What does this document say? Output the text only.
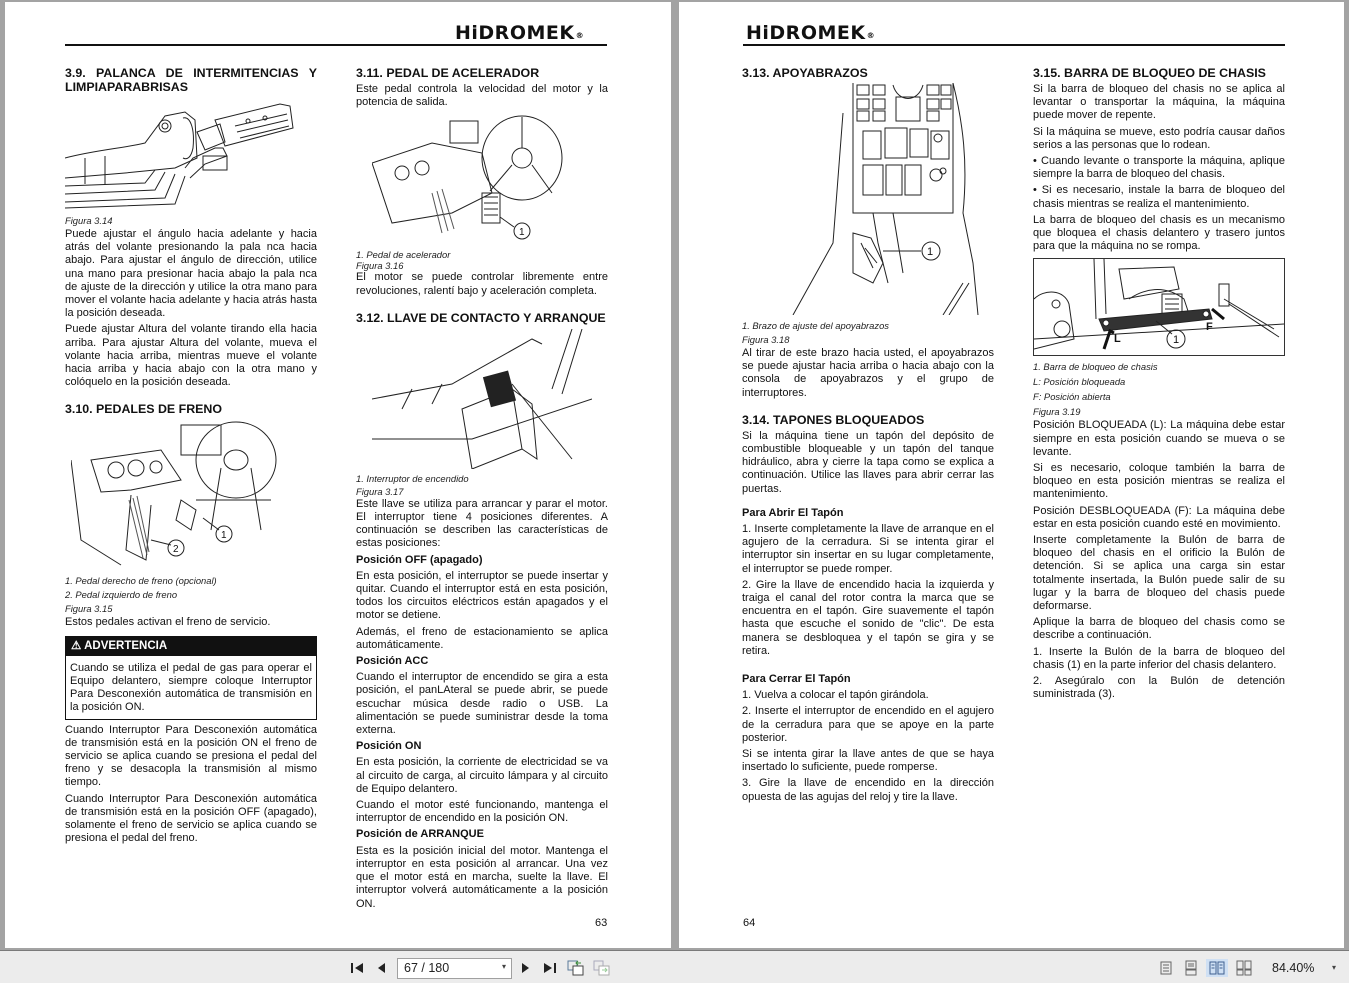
HiDROMEK®
3.9. PALANCA DE INTERMITENCIAS Y LIMPIAPARABRISAS
Figura 3.14

Puede ajustar el ángulo hacia adelante y hacia atrás del volante presionando la pala nca hacia abajo. Para ajustar el ángulo de dirección, utilice una mano para presionar hacia abajo la pala nca de ajuste de la dirección y utilice la otra mano para mover el volante hacia adelante y hacia atrás hasta la posición deseada.

Puede ajustar Altura del volante tirando ella hacia arriba. Para ajustar Altura del volante, mueva el volante hacia arriba, mientras mueve el volante hacia arriba y hacia abajo con la otra mano y colóquelo en la posición deseada.

3.10. PEDALES DE FRENO
1
2
1. Pedal derecho de freno (opcional)
2. Pedal izquierdo de freno
Figura 3.15

Estos pedales activan el freno de servicio.

⚠ ADVERTENCIA
Cuando se utiliza el pedal de gas para operar el Equipo delantero, siempre coloque Interruptor Para Desconexión automática de transmisión en la posición ON.

Cuando Interruptor Para Desconexión automática de transmisión está en la posición ON el freno de servicio se aplica cuando se presiona el pedal del freno y se desacopla la transmisión al mismo tiempo.

Cuando Interruptor Para Desconexión automática de transmisión está en la posición OFF (apagado), solamente el freno de servicio se aplica cuando se presiona el pedal del freno.

3.11. PEDAL DE ACELERADOR

Este pedal controla la velocidad del motor y la potencia de salida.

1
1. Pedal de acelerador
Figura 3.16

El motor se puede controlar libremente entre revoluciones, ralentí bajo y aceleración completa.

3.12. LLAVE DE CONTACTO Y ARRANQUE
1. Interruptor de encendido
Figura 3.17

Este llave se utiliza para arrancar y parar el motor. El interruptor tiene 4 posiciones diferentes. A continuación se describen las características de estas posiciones:

Posición OFF (apagado)

En esta posición, el interruptor se puede insertar y quitar. Cuando el interruptor está en esta posición, todos los circuitos eléctricos están apagados y el motor se detiene.

Además, el freno de estacionamiento se aplica automáticamente.

Posición ACC

Cuando el interruptor de encendido se gira a esta posición, el panLAteral se puede abrir, se puede escuchar música desde radio o USB. La alimentación se puede suministrar desde la toma externa.

Posición ON

En esta posición, la corriente de electricidad se va al circuito de carga, al circuito lámpara y al circuito de Equipo delantero.

Cuando el motor esté funcionando, mantenga el interruptor de encendido en la posición ON.

Posición de ARRANQUE

Esta es la posición inicial del motor. Mantenga el interruptor en esta posición al arrancar. Una vez que el motor está en marcha, suelte la llave. El interruptor volverá automáticamente a la posición ON.

63
HiDROMEK®
3.13. APOYABRAZOS
1
1. Brazo de ajuste del apoyabrazos
Figura 3.18

Al tirar de este brazo hacia usted, el apoyabrazos se puede ajustar hacia arriba o hacia abajo con la consola de apoyabrazos y el grupo de interruptores.

3.14. TAPONES BLOQUEADOS

Si la máquina tiene un tapón del depósito de combustible bloqueable y un tapón del tanque hidráulico, abra y cierre la tapa como se explica a continuación. Utilice las llaves para abrir cerrar las puertas.

Para Abrir El Tapón

1. Inserte completamente la llave de arranque en el agujero de la cerradura. Si se intenta girar el interruptor sin insertar en su lugar completamente, el interruptor se puede romper.

2. Gire la llave de encendido hacia la izquierda y traiga el canal del rotor contra la marca que se encuentra en el tapón. Gire suavemente el tapón hasta que escuche el sonido de "clic". De esta manera se desbloquea y el tapón se gira y se retira.

Para Cerrar El Tapón

1. Vuelva a colocar el tapón girándola.

2. Inserte el interruptor de encendido en el agujero de la cerradura para que se apoye en la parte posterior.

Si se intenta girar la llave antes de que se haya insertado lo suficiente, puede romperse.

3. Gire la llave de encendido en la dirección opuesta de las agujas del reloj y tire la llave.

3.15. BARRA DE BLOQUEO DE CHASIS

Si la barra de bloqueo del chasis no se aplica al levantar o transportar la máquina, la máquina puede mover de repente.

Si la máquina se mueve, esto podría causar daños serios a las personas que lo rodean.

• Cuando levante o transporte la máquina, aplique siempre la barra de bloqueo del chasis.

• Si es necesario, instale la barra de bloqueo del chasis mientras se realiza el mantenimiento.

La barra de bloqueo del chasis es un mecanismo que bloquea el chasis delantero y trasero juntos para que la máquina no se rompa.

1
L
F
1. Barra de bloqueo de chasis
L: Posición bloqueada
F: Posición abierta
Figura 3.19

Posición BLOQUEADA (L): La máquina debe estar siempre en esta posición cuando se mueva o se levante.

Si es necesario, coloque también la barra de bloqueo en esta posición mientras se realiza el mantenimiento.

Posición DESBLOQUEADA (F): La máquina debe estar en esta posición cuando esté en movimiento.

Inserte completamente la Bulón de barra de bloqueo del chasis en el orificio la Bulón de detención. Si se aplica una carga sin estar totalmente insertada, la Bulón puede salir de su lugar y la barra de bloqueo del chasis puede deformarse.

Aplique la barra de bloqueo del chasis como se describe a continuación.

1. Inserte la Bulón de la barra de bloqueo del chasis (1) en la parte inferior del chasis delantero.

2. Asegúralo con la Bulón de detención suministrada (3).

64
67 / 180	▾	84.40% ▾
